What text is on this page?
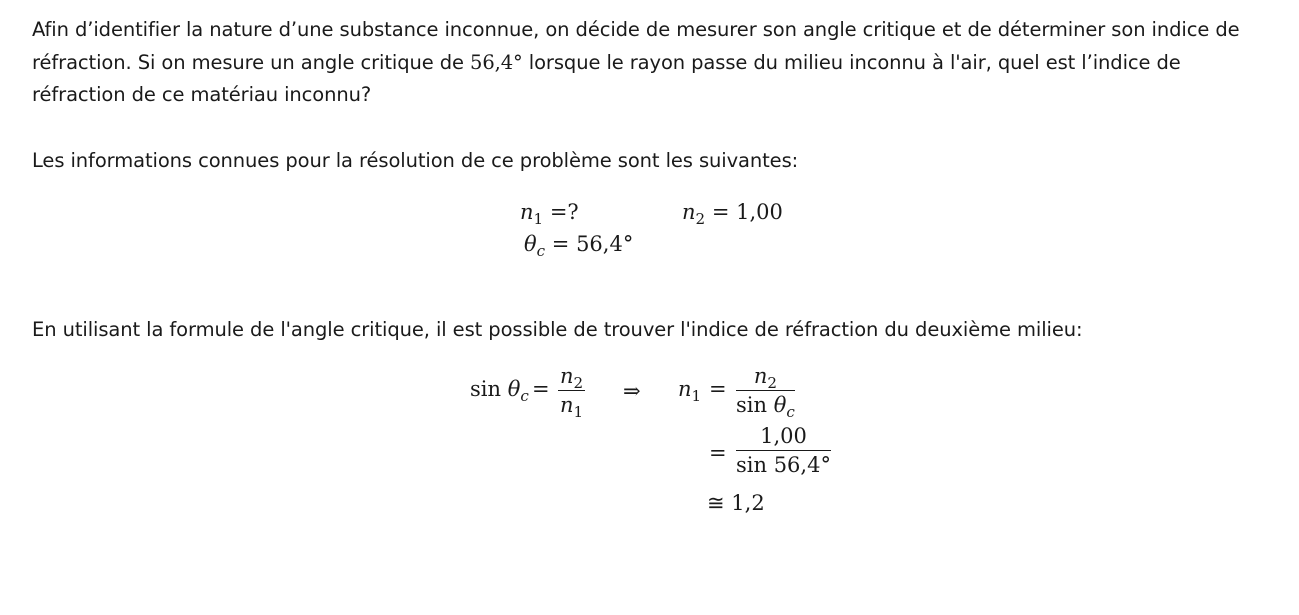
Afin d’identifier la nature d’une substance inconnue, on décide de mesurer son angle critique et de déterminer son indice de réfraction. Si on mesure un angle critique de 56,4° lorsque le rayon passe du milieu inconnu à l'air, quel est l’indice de réfraction de ce matériau inconnu?
Les informations connues pour la résolution de ce problème sont les suivantes:
$n_1$ =?	$n_2 = 1,00$
$\theta_c = 56,4^\circ$
En utilisant la formule de l'angle critique, il est possible de trouver l'indice de réfraction du deuxième milieu:
$\sin \theta_c = \frac{n_2}{n_1}$ ⇒ $n_1 = \frac{n_2}{\sin \theta_c}$
= $\frac{1,00}{\sin 56,4^\circ}$
≅ 1,2
